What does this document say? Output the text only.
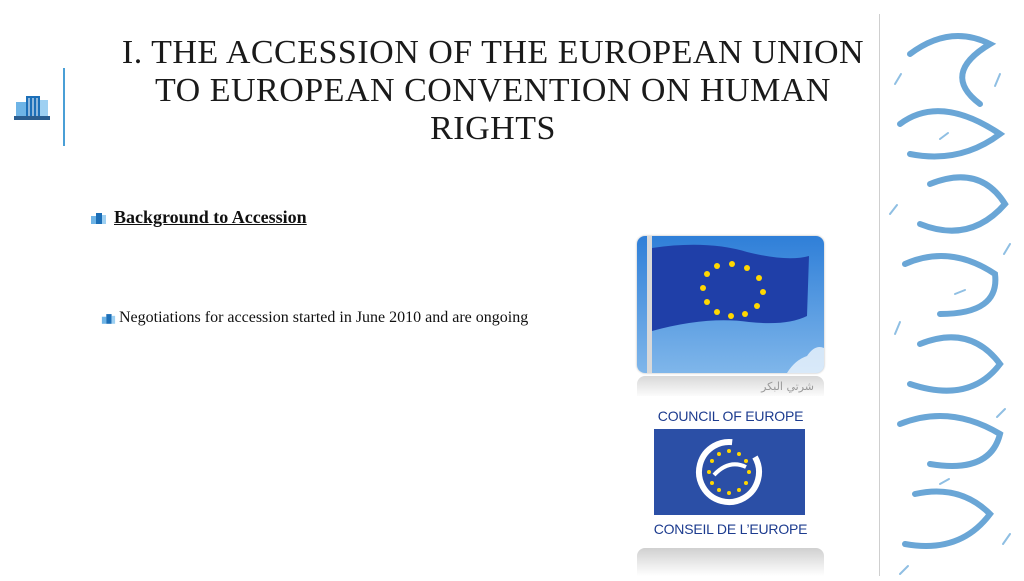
I. THE ACCESSION OF THE EUROPEAN UNION TO EUROPEAN CONVENTION ON HUMAN RIGHTS
Background to Accession
Negotiations for accession started in June 2010 and are ongoing
ﺷﺮﺗﻲ ﺍﻟﺒﻜﺮ
COUNCIL OF EUROPE
CONSEIL DE L’EUROPE
